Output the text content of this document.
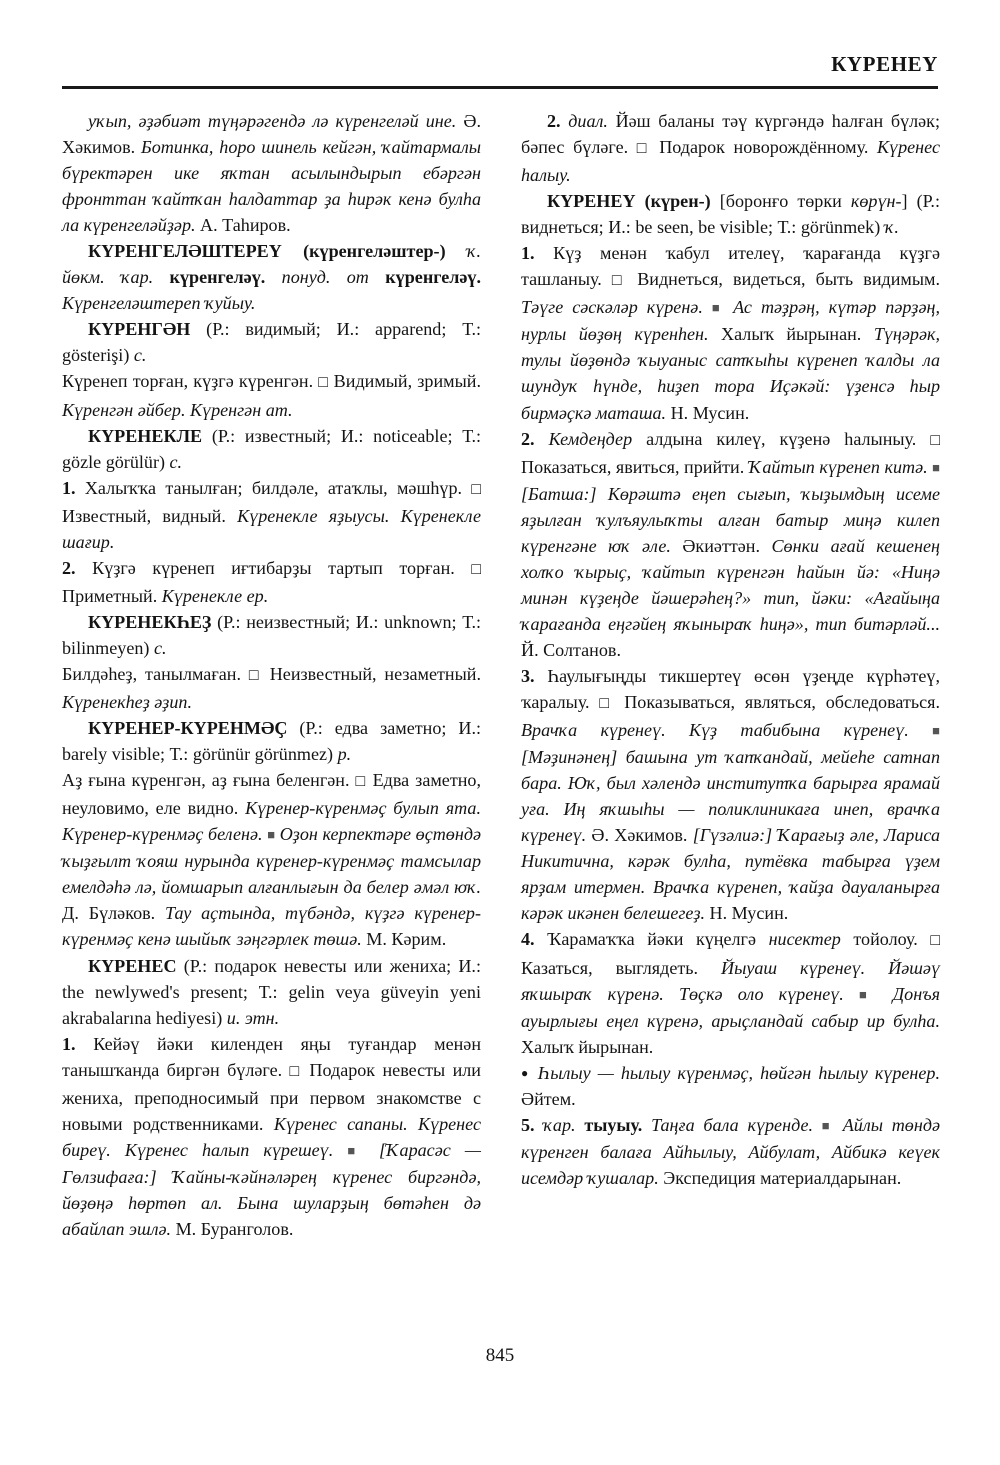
КҮРЕНЕҮ

уҡып, әҙәбиәт түңәрәгендә лә күренгеләй ине. Ә. Хәкимов. Ботинка, һоро шинель кейгән, ҡайтармалы бүректәрен ике яҡтан асылындырып ебәргән фронттан ҡайтҡан һалдаттар ҙа һирәк кенә булһа ла күренгеләйҙәр. А. Таһиров.

КҮРЕНГЕЛӘШТЕРЕҮ (күренгеләштер-) ҡ. йөкм. ҡар. күренгеләү. понуд. от күренгеләү. Күренгеләштереп ҡуйыу.

КҮРЕНГӘН (Р.: видимый; И.: apparend; Т.: gösterişi) с.

Күренеп торған, күҙгә күренгән. □ Видимый, зримый. Күренгән әйбер. Күренгән ат.

КҮРЕНЕКЛЕ (Р.: известный; И.: noticeable; Т.: gözle görülür) с.

1. Халыҡҡа танылған; билдәле, атаҡлы, мәшһүр. □ Известный, видный. Күренекле яҙыусы. Күренекле шағир.

2. Күҙгә күренеп иғтибарҙы тартып торған. □ Приметный. Күренекле ер.

КҮРЕНЕКҺЕҘ (Р.: неизвестный; И.: unknown; Т.: bilinmeyen) с.

Билдәһеҙ, танылмаған. □ Неизвестный, незаметный. Күренекһеҙ әҙип.

КҮРЕНЕР-КҮРЕНМӘҪ (Р.: едва заметно; И.: barely visible; Т.: görünür görünmez) р.

Аҙ ғына күренгән, аҙ ғына беленгән. □ Едва заметно, неуловимо, еле видно. Күренер-күренмәҫ булып ята. Күренер-күренмәҫ беленә. ■ Оҙон керпектәре өҫтөндә ҡыҙғылт ҡояш нурында күренер-күренмәҫ тамсылар емелдәһә лә, йомшарып алғанлығын да белер әмәл юҡ. Д. Бүләков. Тау аҫтында, түбәндә, күҙгә күренер-күренмәҫ кенә шыйыҡ зәңгәрлек төшә. М. Кәрим.

КҮРЕНЕС (Р.: подарок невесты или жениха; И.: the newlywed's present; Т.: gelin veya güveyin yeni akrabalarına hediyesi) и. этн.

1. Кейәү йәки киленден яңы туғандар менән танышҡанда биргән бүләге. □ Подарок невесты или жениха, преподносимый при первом знакомстве с новыми родственниками. Күренес сапаны. Күренес биреү. Күренес һалып күрешеү. ■	[Ҡарасәс — Гөлзифаға:] Ҡайны-ҡәйнәләреӊ күренес биргәндә, йөҙөңә һөртөп ал. Бына шуларҙың бөтәһен дә абайлап эшлә. М. Буранголов.

2. диал. Йәш баланы тәү күргәндә һалған бүләк; бәпес бүләге. □ Подарок новорождённому. Күренес һалыу.

КҮРЕНЕҮ (күрен-) [боронғо төрки көрүн-] (Р.: виднеться; И.: be seen, be visible; Т.: görünmek) ҡ.

1. Күҙ менән ҡабул ителеү, ҡарағанда күҙгә ташланыу. □ Виднеться, видеться, быть видимым. Тәүге сәскәләр күренә. ■ Ас тәҙрәң, күтәр пәрҙәң, нурлы йөҙөң күренһен. Халыҡ йырынан. Түңәрәк, тулы йөҙөндә ҡыуаныс сатҡыһы күренеп ҡалды ла шундуҡ һүнде, һиҙеп тора Иҫәкәй: үҙенсә һыр бирмәҫкә маташа. Н. Мусин.

2. Кемдеңдер алдына килеү, күҙенә һалыныу. □ Показаться, явиться, прийти. Ҡайтып күренеп китә. ■ [Батша:] Көрәштә еңеп сығып, ҡыҙымдың исеме яҙылған ҡулъяулыҡты алған батыр миңә килеп күренгәне юҡ әле. Әкиәттән. Сөнки ағай кешенең холҡо ҡырыҫ, ҡайтып күренгән һайын йә: «Ниңә минән күҙеңде йәшерәһең?» тип, йәки: «Ағайыңа ҡарағанда еңгәйең яҡыныраҡ һиңә», тип битәрләй... Й. Солтанов.

3. Һаулығыңды тикшертеү өсөн үҙеңде күрһәтеү, ҡаралыу. □ Показываться, являться, обследоваться. Врачҡа күренеү. Күҙ табибына күренеү. ■ [Мәҙинәнең] башына ут ҡапҡандай, мейеһе сатнап бара. Юҡ, был хәлендә институтҡа барырға ярамай уға. Иң яҡшыһы — поликлиникаға инеп, врачҡа күренеү. Ә. Хәкимов. [Гүзәлиә:] Ҡарағыҙ әле, Лариса Никитична, кәрәк булһа, путёвка табырға үҙем ярҙам итермен. Врачҡа күренеп, ҡайҙа дауаланырға кәрәк икәнен белешегеҙ. Н. Мусин.

4. Ҡарамаҡҡа йәки күңелгә нисектер тойолоу. □ Казаться, выглядеть. Йыуаш күренеү. Йәшәү яҡшыраҡ күренә. Төҫкә оло күренеү. ■	Донъя ауырлығы еңел күренә, арыҫландай сабыр ир булһа. Халыҡ йырынан.

● Һылыу — һылыу күренмәҫ, һөйгән һылыу күренер. Әйтем.

5. ҡар. тыуыу. Таңға бала күренде. ■ Айлы төндә күренген балаға Айһылыу, Айбулат, Айбикә кеүек исемдәр ҡушалар. Экспедиция материалдарынан.

845
